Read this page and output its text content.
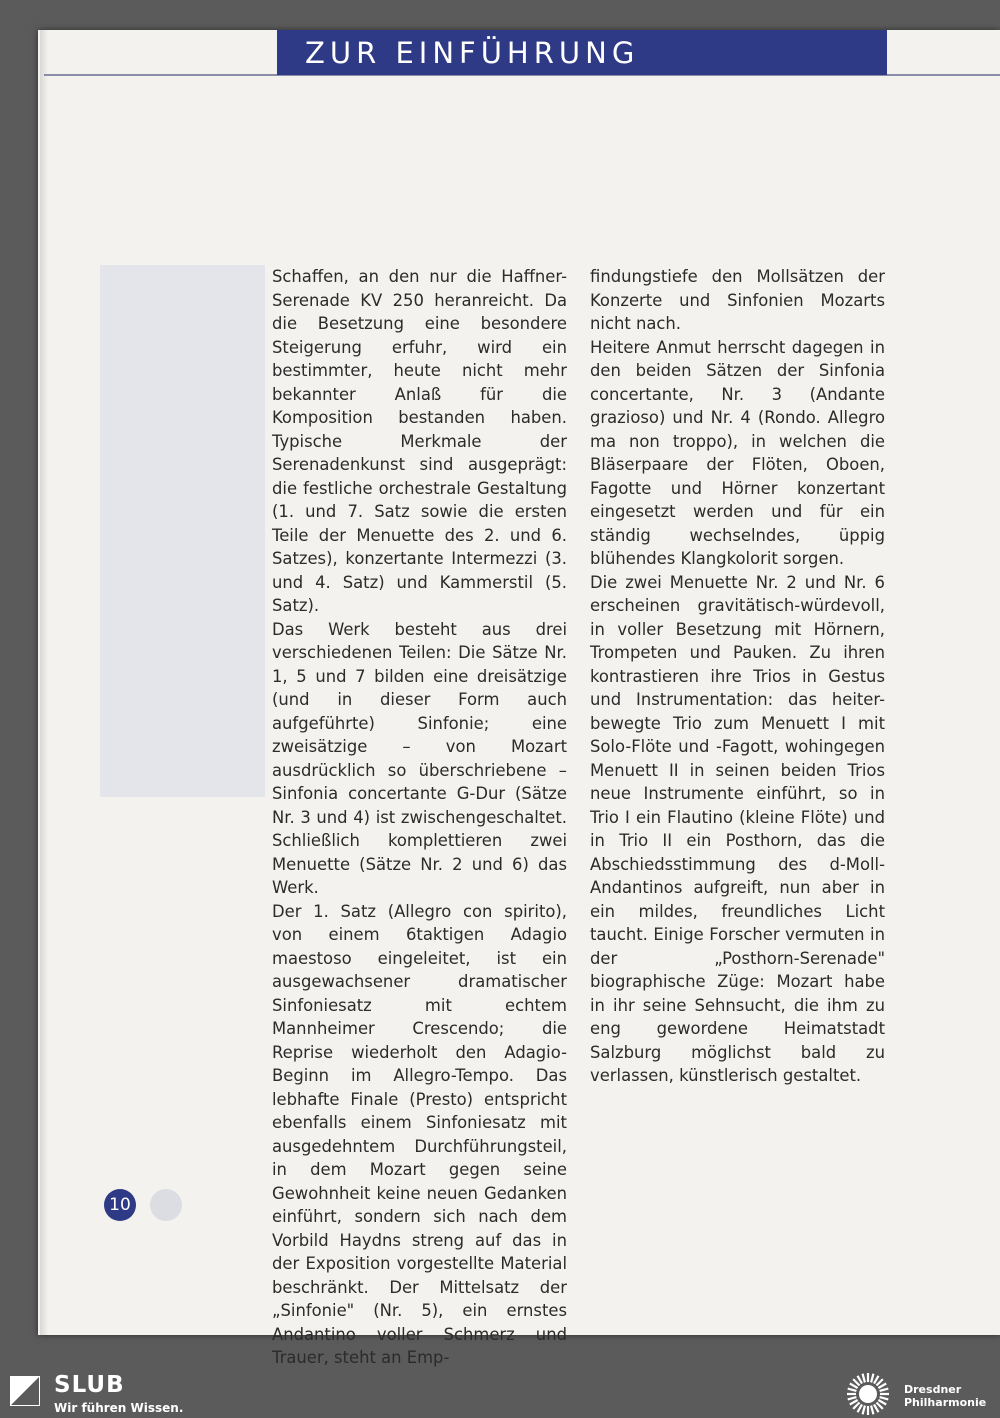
ZUR EINFÜHRUNG

Schaffen, an den nur die Haffner-Serenade KV 250 heranreicht. Da die Besetzung eine besondere Steigerung erfuhr, wird ein bestimmter, heute nicht mehr bekannter Anlaß für die Komposition bestanden haben. Typische Merkmale der Serenadenkunst sind ausgeprägt: die festliche orchestrale Gestaltung (1. und 7. Satz sowie die ersten Teile der Menuette des 2. und 6. Satzes), konzertante Intermezzi (3. und 4. Satz) und Kammerstil (5. Satz).

Das Werk besteht aus drei verschiedenen Teilen: Die Sätze Nr. 1, 5 und 7 bilden eine dreisätzige (und in dieser Form auch aufgeführte) Sinfonie; eine zweisätzige – von Mozart ausdrücklich so überschriebene – Sinfonia concertante G-Dur (Sätze Nr. 3 und 4) ist zwischengeschaltet. Schließlich komplettieren zwei Menuette (Sätze Nr. 2 und 6) das Werk.

Der 1. Satz (Allegro con spirito), von einem 6taktigen Adagio maestoso eingeleitet, ist ein ausgewachsener dramatischer Sinfoniesatz mit echtem Mannheimer Crescendo; die Reprise wiederholt den Adagio-Beginn im Allegro-Tempo. Das lebhafte Finale (Presto) entspricht ebenfalls einem Sinfoniesatz mit ausgedehntem Durchführungsteil, in dem Mozart gegen seine Gewohnheit keine neuen Gedanken einführt, sondern sich nach dem Vorbild Haydns streng auf das in der Exposition vorgestellte Material beschränkt. Der Mittelsatz der „Sinfonie" (Nr. 5), ein ernstes Andantino voller Schmerz und Trauer, steht an Emp-

findungstiefe den Mollsätzen der Konzerte und Sinfonien Mozarts nicht nach.

Heitere Anmut herrscht dagegen in den beiden Sätzen der Sinfonia concertante, Nr. 3 (Andante grazioso) und Nr. 4 (Rondo. Allegro ma non troppo), in welchen die Bläserpaare der Flöten, Oboen, Fagotte und Hörner konzertant eingesetzt werden und für ein ständig wechselndes, üppig blühendes Klangkolorit sorgen.

Die zwei Menuette Nr. 2 und Nr. 6 erscheinen gravitätisch-würdevoll, in voller Besetzung mit Hörnern, Trompeten und Pauken. Zu ihren kontrastieren ihre Trios in Gestus und Instrumentation: das heiter-bewegte Trio zum Menuett I mit Solo-Flöte und -Fagott, wohingegen Menuett II in seinen beiden Trios neue Instrumente einführt, so in Trio I ein Flautino (kleine Flöte) und in Trio II ein Posthorn, das die Abschiedsstimmung des d-Moll-Andantinos aufgreift, nun aber in ein mildes, freundliches Licht taucht. Einige Forscher vermuten in der „Posthorn-Serenade" biographische Züge: Mozart habe in ihr seine Sehnsucht, die ihm zu eng gewordene Heimatstadt Salzburg möglichst bald zu verlassen, künstlerisch gestaltet.

10
SLUB
Wir führen Wissen.
Dresdner
Philharmonie
